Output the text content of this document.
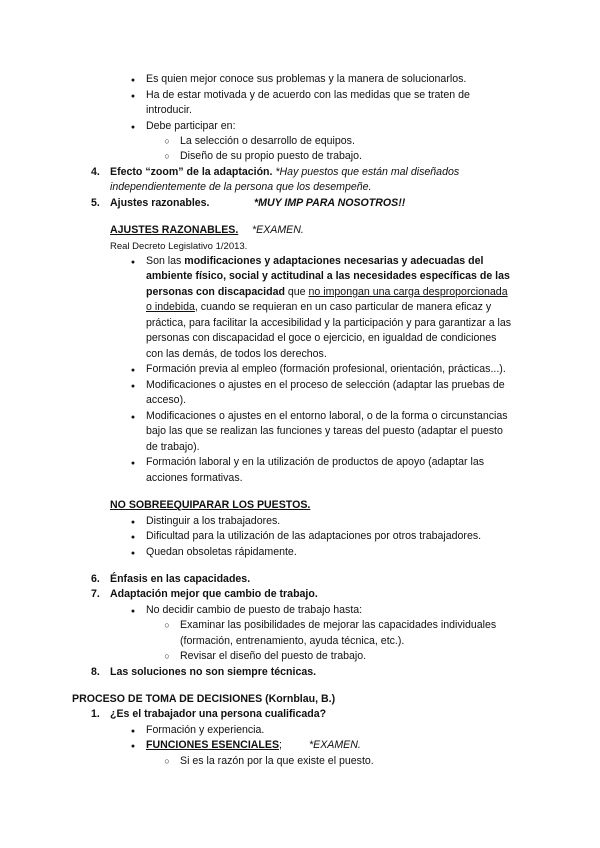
●
Es quien mejor conoce sus problemas y la manera de solucionarlos.
●
Ha de estar motivada y de acuerdo con las medidas que se traten de
introducir.
●
Debe participar en:
○
La selección o desarrollo de equipos.
○
Diseño de su propio puesto de trabajo.
4. Efecto “zoom” de la adaptación. *Hay puestos que están mal diseñados
independientemente de la persona que los desempeñe.
5. Ajustes razonables.	*MUY IMP PARA NOSOTROS!!
AJUSTES RAZONABLES. *EXAMEN.
Real Decreto Legislativo 1/2013.
●
Son las modificaciones y adaptaciones necesarias y adecuadas del
ambiente físico, social y actitudinal a las necesidades específicas de las
personas con discapacidad que no impongan una carga desproporcionada
o indebida, cuando se requieran en un caso particular de manera eficaz y
práctica, para facilitar la accesibilidad y la participación y para garantizar a las
personas con discapacidad el goce o ejercicio, en igualdad de condiciones
con las demás, de todos los derechos.
●
Formación previa al empleo (formación profesional, orientación, prácticas...).
●
Modificaciones o ajustes en el proceso de selección (adaptar las pruebas de
acceso).
●
Modificaciones o ajustes en el entorno laboral, o de la forma o circunstancias
bajo las que se realizan las funciones y tareas del puesto (adaptar el puesto
de trabajo).
●
Formación laboral y en la utilización de productos de apoyo (adaptar las
acciones formativas.
NO SOBREEQUIPARAR LOS PUESTOS.
●
Distinguir a los trabajadores.
●
Dificultad para la utilización de las adaptaciones por otros trabajadores.
●
Quedan obsoletas rápidamente.
6. Énfasis en las capacidades.
7. Adaptación mejor que cambio de trabajo.
●
No decidir cambio de puesto de trabajo hasta:
○
Examinar las posibilidades de mejorar las capacidades individuales
(formación, entrenamiento, ayuda técnica, etc.).
○
Revisar el diseño del puesto de trabajo.
8. Las soluciones no son siempre técnicas.
PROCESO DE TOMA DE DECISIONES (Kornblau, B.)
1. ¿Es el trabajador una persona cualificada?
●
Formación y experiencia.
●
FUNCIONES ESENCIALES;	*EXAMEN.
○
Si es la razón por la que existe el puesto.
